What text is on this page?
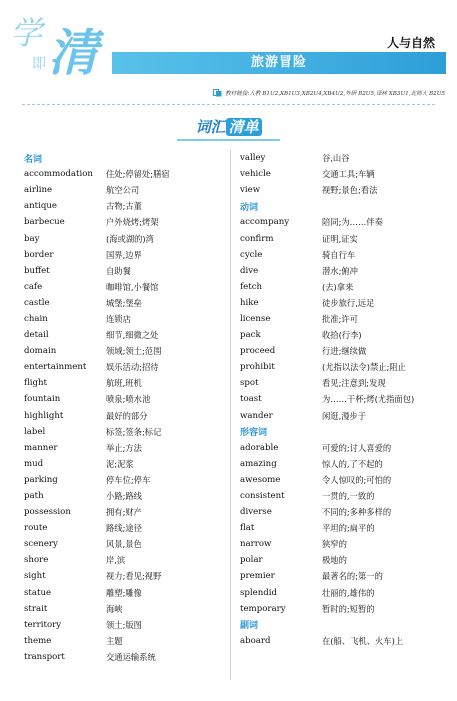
学
即 清	人与自然
旅游冒险
教材链接:人教 B1U2,XB1U3,XB2U4,XB4U2,外研 B2U5,译林 XB3U1,北师大 B2U5
词汇 清单
名词
accommodation	住处;停留处;膳宿
airline	航空公司
antique	古物;古董
barbecue	户外烧烤;烤架
bay	(海或湖的)湾
border	国界,边界
buffet	自助餐
cafe	咖啡馆,小餐馆
castle	城堡;堡垒
chain	连锁店
detail	细节,细微之处
domain	领域;领土;范围
entertainment	娱乐活动;招待
flight	航班,班机
fountain	喷泉;喷水池
highlight	最好的部分
label	标签;签条;标记
manner	举止;方法
mud	泥;泥浆
parking	停车位;停车
path	小路;路线
possession	拥有;财产
route	路线;途径
scenery	风景,景色
shore	岸,滨
sight	视力;看见;视野
statue	雕塑;雕像
strait	海峡
territory	领土;版图
theme	主题
transport	交通运输系统
valley	谷,山谷
vehicle	交通工具;车辆
view	视野;景色;看法
动词
accompany	陪同;为……伴奏
confirm	证明,证实
cycle	骑自行车
dive	潜水;俯冲
fetch	(去)拿来
hike	徒步旅行,远足
license	批准;许可
pack	收拾(行李)
proceed	行进;继续做
prohibit	(尤指以法令)禁止;阻止
spot	看见;注意到;发现
toast	为……干杯;烤(尤指面包)
wander	闲逛,漫步于
形容词
adorable	可爱的;讨人喜爱的
amazing	惊人的,了不起的
awesome	令人惊叹的;可怕的
consistent	一贯的,一致的
diverse	不同的;多种多样的
flat	平坦的;扁平的
narrow	狭窄的
polar	极地的
premier	最著名的;第一的
splendid	壮丽的,雄伟的
temporary	暂时的;短暂的
副词
aboard	在(船、飞机、火车)上
